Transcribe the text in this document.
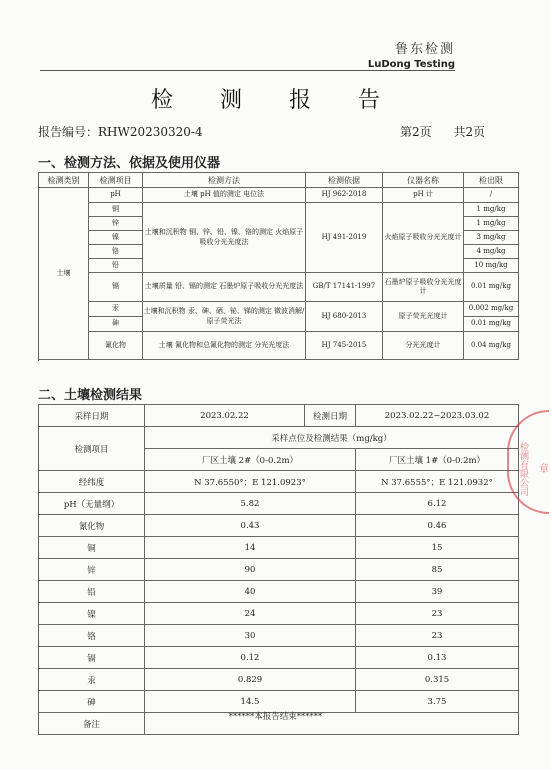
鲁东检测
LuDong Testing
检 测 报 告
报告编号：RHW20230320-4	第2页 共2页
一、检测方法、依据及使用仪器
检测类别	检测项目	检测方法	检测依据	仪器名称	检出限
土壤	pH	土壤 pH 值的测定 电位法	HJ 962-2018	pH 计	/
	铜	土壤和沉积物 铜、锌、铅、镍、铬的测定 火焰原子吸收分光光度法	HJ 491-2019	火焰原子吸收分光光度计	1 mg/kg
	锌				1 mg/kg
	镍				3 mg/kg
	铬				4 mg/kg
	铅				10 mg/kg
	镉	土壤质量 铅、镉的测定 石墨炉原子吸收分光光度法	GB/T 17141-1997	石墨炉原子吸收分光光度计	0.01 mg/kg
	汞	土壤和沉积物 汞、砷、硒、铋、锑的测定 微波消解/原子荧光法	HJ 680-2013	原子荧光光度计	0.002 mg/kg
	砷				0.01 mg/kg
	氰化物	土壤 氰化物和总氰化物的测定 分光光度法	HJ 745-2015	分光光度计	0.04 mg/kg

二、土壤检测结果
采样日期	2023.02.22	检测日期	2023.02.22~2023.03.02
检测项目	采样点位及检测结果（mg/kg）		
	厂区土壤 2#（0-0.2m）		厂区土壤 1#（0-0.2m）
经纬度	N 37.6550°；E 121.0923°		N 37.6555°；E 121.0932°
pH（无量纲）	5.82		6.12
氰化物	0.43		0.46
铜	14		15
锌	90		85
铅	40		39
镍	24		23
铬	30		23
镉	0.12		0.13
汞	0.829		0.315
砷	14.5		3.75
备注			
检测有限公司 章
******本报告结束******
